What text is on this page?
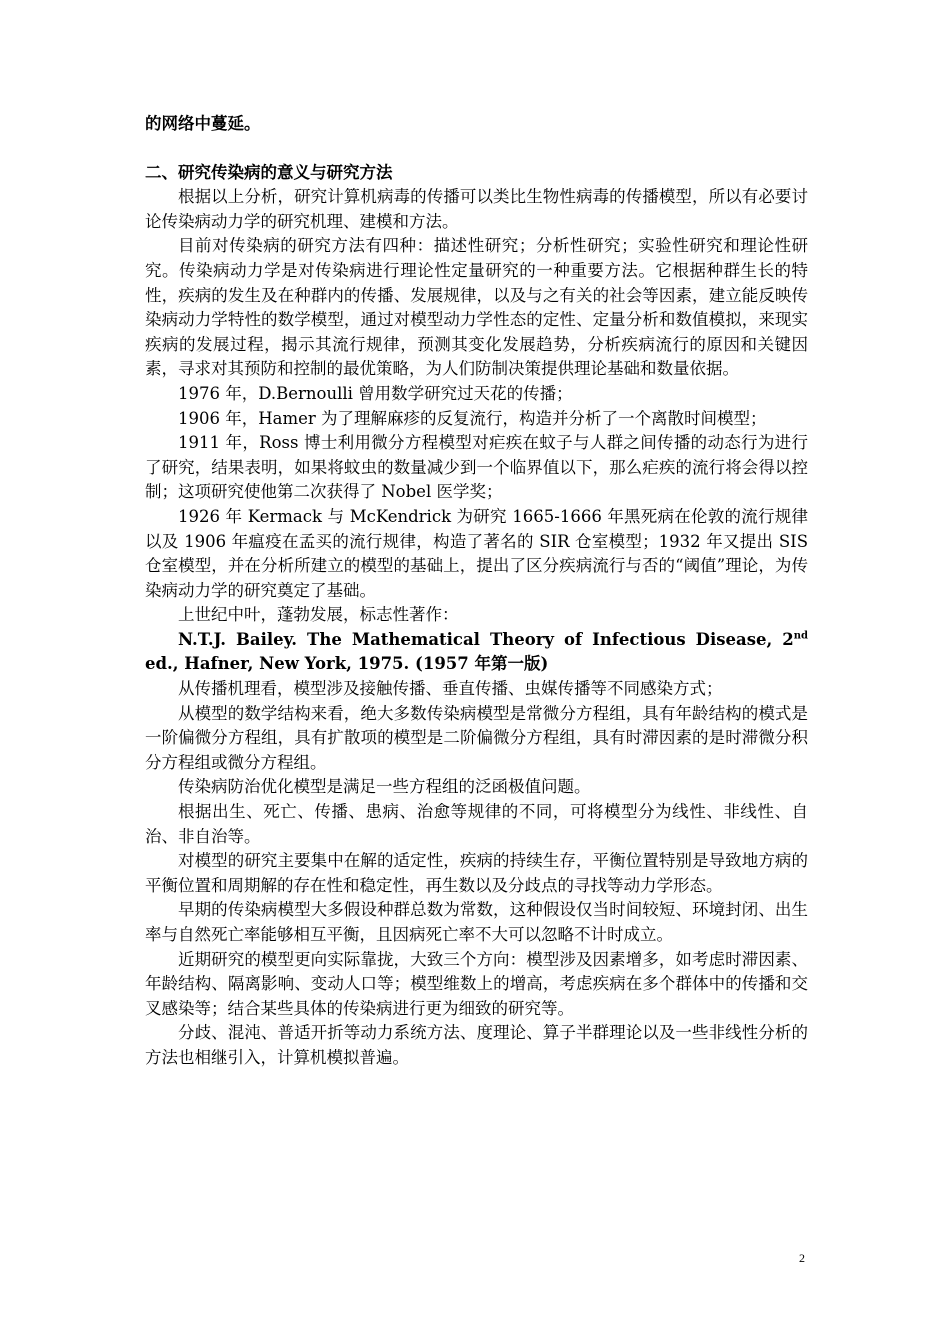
的网络中蔓延。

二、研究传染病的意义与研究方法

根据以上分析，研究计算机病毒的传播可以类比生物性病毒的传播模型，所以有必要讨论传染病动力学的研究机理、建模和方法。

目前对传染病的研究方法有四种：描述性研究；分析性研究；实验性研究和理论性研究。传染病动力学是对传染病进行理论性定量研究的一种重要方法。它根据种群生长的特性，疾病的发生及在种群内的传播、发展规律，以及与之有关的社会等因素，建立能反映传染病动力学特性的数学模型，通过对模型动力学性态的定性、定量分析和数值模拟，来现实疾病的发展过程，揭示其流行规律，预测其变化发展趋势，分析疾病流行的原因和关键因素，寻求对其预防和控制的最优策略，为人们防制决策提供理论基础和数量依据。

1976 年，D.Bernoulli 曾用数学研究过天花的传播；

1906 年，Hamer 为了理解麻疹的反复流行，构造并分析了一个离散时间模型；

1911 年，Ross 博士利用微分方程模型对疟疾在蚊子与人群之间传播的动态行为进行了研究，结果表明，如果将蚊虫的数量减少到一个临界值以下，那么疟疾的流行将会得以控制；这项研究使他第二次获得了 Nobel 医学奖；

1926 年 Kermack 与 McKendrick 为研究 1665-1666 年黑死病在伦敦的流行规律以及 1906 年瘟疫在孟买的流行规律，构造了著名的 SIR 仓室模型；1932 年又提出 SIS 仓室模型，并在分析所建立的模型的基础上，提出了区分疾病流行与否的“阈值”理论，为传染病动力学的研究奠定了基础。

上世纪中叶，蓬勃发展，标志性著作：

N.T.J. Bailey. The Mathematical Theory of Infectious Disease, 2nd ed., Hafner, New York, 1975. (1957 年第一版)

从传播机理看，模型涉及接触传播、垂直传播、虫媒传播等不同感染方式；

从模型的数学结构来看，绝大多数传染病模型是常微分方程组，具有年龄结构的模式是一阶偏微分方程组，具有扩散项的模型是二阶偏微分方程组，具有时滞因素的是时滞微分积分方程组或微分方程组。

传染病防治优化模型是满足一些方程组的泛函极值问题。

根据出生、死亡、传播、患病、治愈等规律的不同，可将模型分为线性、非线性、自治、非自治等。

对模型的研究主要集中在解的适定性，疾病的持续生存，平衡位置特别是导致地方病的平衡位置和周期解的存在性和稳定性，再生数以及分歧点的寻找等动力学形态。

早期的传染病模型大多假设种群总数为常数，这种假设仅当时间较短、环境封闭、出生率与自然死亡率能够相互平衡，且因病死亡率不大可以忽略不计时成立。

近期研究的模型更向实际靠拢，大致三个方向：模型涉及因素增多，如考虑时滞因素、年龄结构、隔离影响、变动人口等；模型维数上的增高，考虑疾病在多个群体中的传播和交叉感染等；结合某些具体的传染病进行更为细致的研究等。

分歧、混沌、普适开折等动力系统方法、度理论、算子半群理论以及一些非线性分析的方法也相继引入，计算机模拟普遍。

2
